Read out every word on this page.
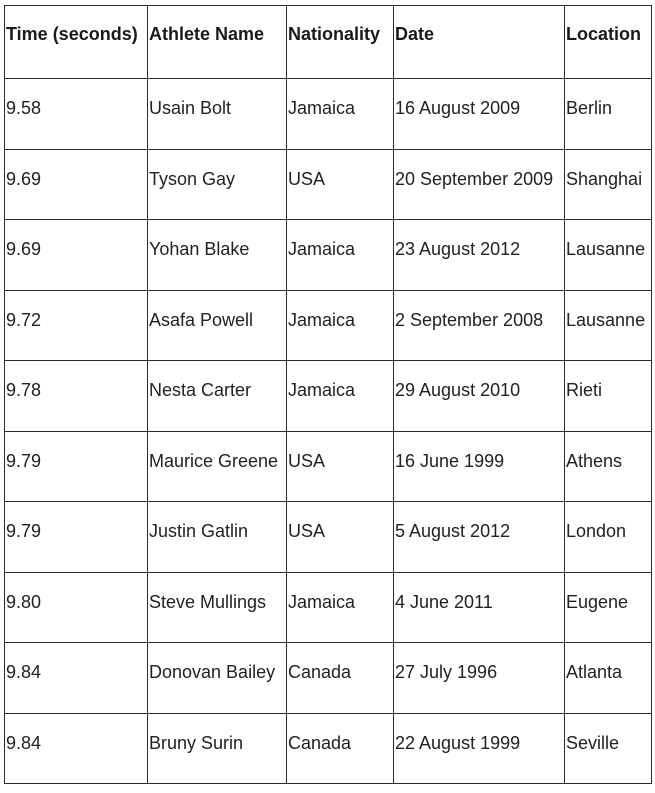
Time (seconds)	Athlete Name	Nationality	Date	Location
9.58	Usain Bolt	Jamaica	16 August 2009	Berlin
9.69	Tyson Gay	USA	20 September 2009	Shanghai
9.69	Yohan Blake	Jamaica	23 August 2012	Lausanne
9.72	Asafa Powell	Jamaica	2 September 2008	Lausanne
9.78	Nesta Carter	Jamaica	29 August 2010	Rieti
9.79	Maurice Greene	USA	16 June 1999	Athens
9.79	Justin Gatlin	USA	5 August 2012	London
9.80	Steve Mullings	Jamaica	4 June 2011	Eugene
9.84	Donovan Bailey	Canada	27 July 1996	Atlanta
9.84	Bruny Surin	Canada	22 August 1999	Seville
